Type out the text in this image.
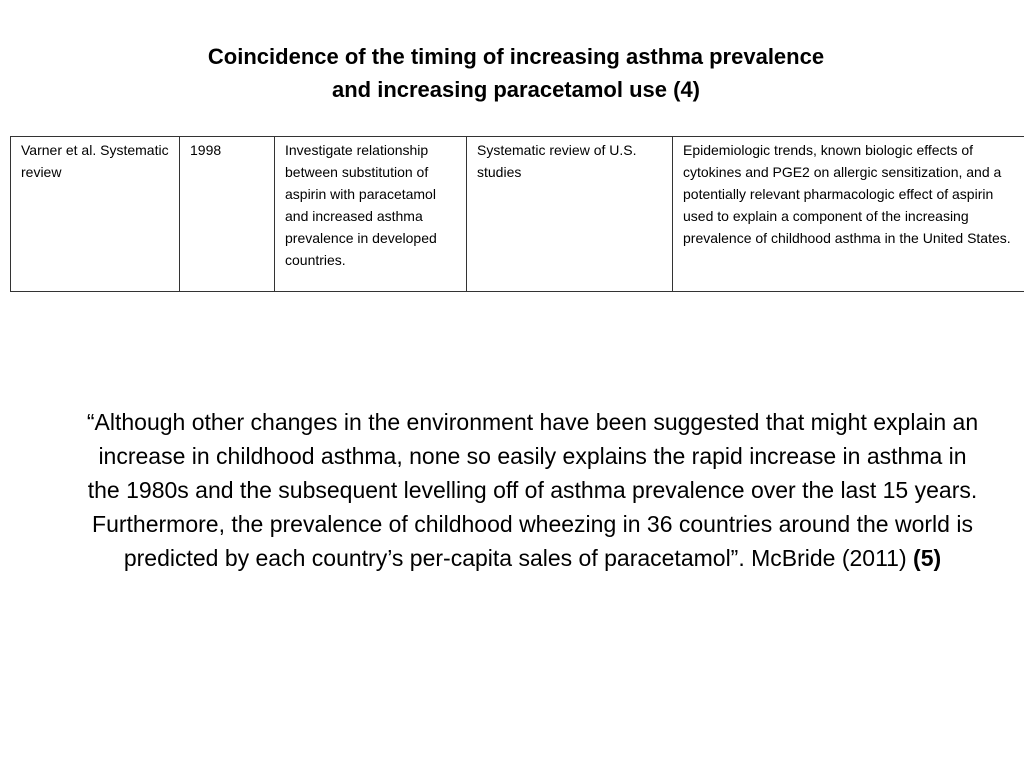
Coincidence of the timing of increasing asthma prevalence
and increasing paracetamol use (4)
Varner et al. Systematic review	1998	Investigate relationship between substitution of aspirin with paracetamol and increased asthma prevalence in developed countries.	Systematic review of U.S. studies	Epidemiologic trends, known biologic effects of cytokines and PGE2 on allergic sensitization, and a potentially relevant pharmacologic effect of aspirin used to explain a component of the increasing prevalence of childhood asthma in the United States.

“Although other changes in the environment have been suggested that might explain an increase in childhood asthma, none so easily explains the rapid increase in asthma in the 1980s and the subsequent levelling off of asthma prevalence over the last 15 years. Furthermore, the prevalence of childhood wheezing in 36 countries around the world is predicted by each country’s per-capita sales of paracetamol”. McBride (2011) (5)
